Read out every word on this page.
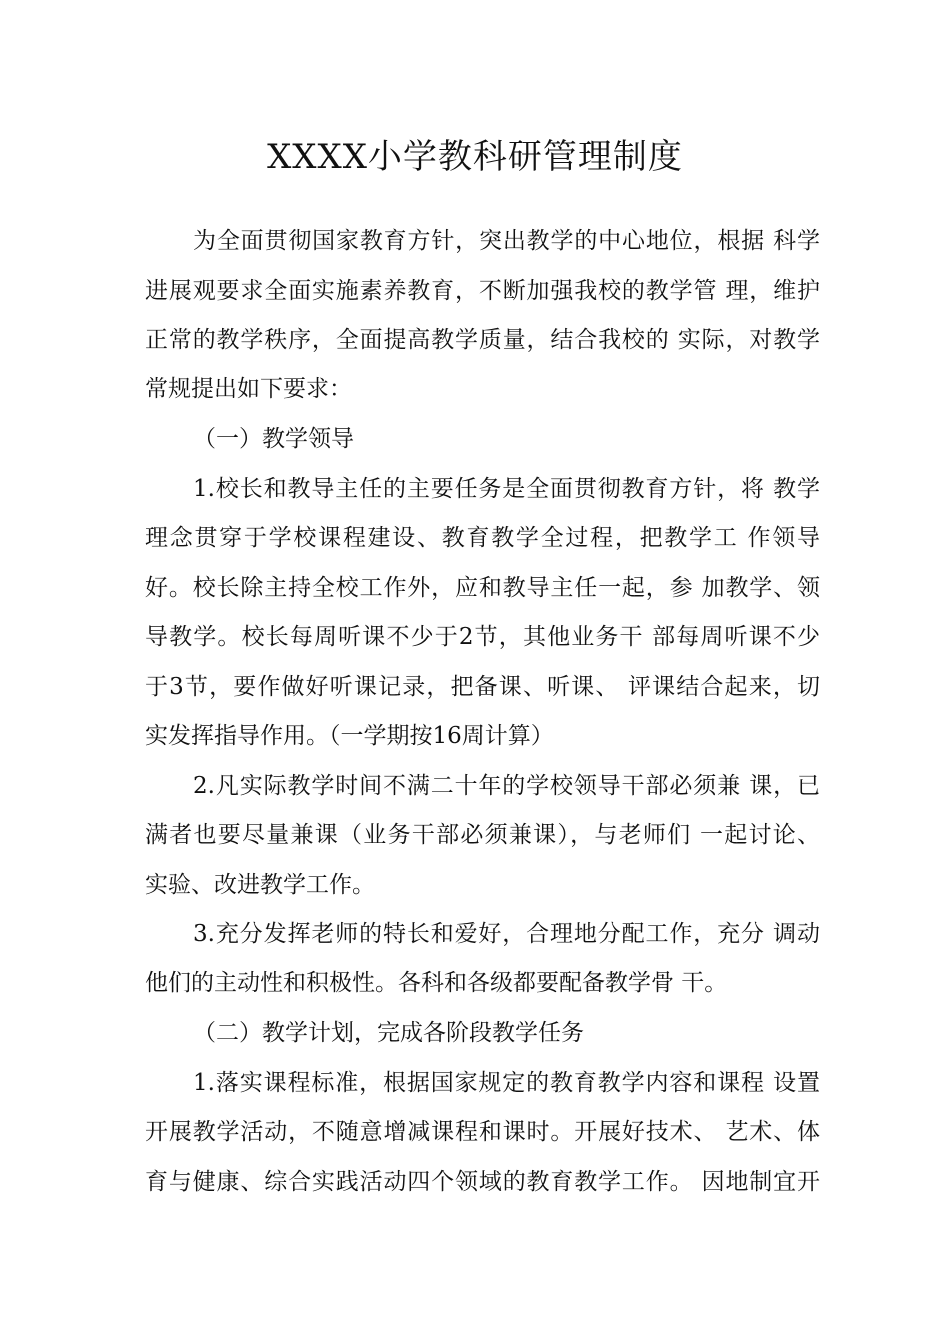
XXXX小学教科研管理制度
为全面贯彻国家教育方针，突出教学的中心地位，根据 科学
进展观要求全面实施素养教育，不断加强我校的教学管 理，维护
正常的教学秩序，全面提高教学质量，结合我校的 实际，对教学
常规提出如下要求：
（一）教学领导
1.校长和教导主任的主要任务是全面贯彻教育方针，将 教学
理念贯穿于学校课程建设、教育教学全过程，把教学工 作领导
好。校长除主持全校工作外，应和教导主任一起，参 加教学、领
导教学。校长每周听课不少于2节，其他业务干 部每周听课不少
于3节，要作做好听课记录，把备课、听课、 评课结合起来，切
实发挥指导作用。（一学期按16周计算）
2.凡实际教学时间不满二十年的学校领导干部必须兼 课，已
满者也要尽量兼课（业务干部必须兼课），与老师们 一起讨论、
实验、改进教学工作。
3.充分发挥老师的特长和爱好，合理地分配工作，充分 调动
他们的主动性和积极性。各科和各级都要配备教学骨 干。
（二）教学计划，完成各阶段教学任务
1.落实课程标准，根据国家规定的教育教学内容和课程 设置
开展教学活动，不随意增减课程和课时。开展好技术、 艺术、体
育与健康、综合实践活动四个领域的教育教学工作。 因地制宜开
